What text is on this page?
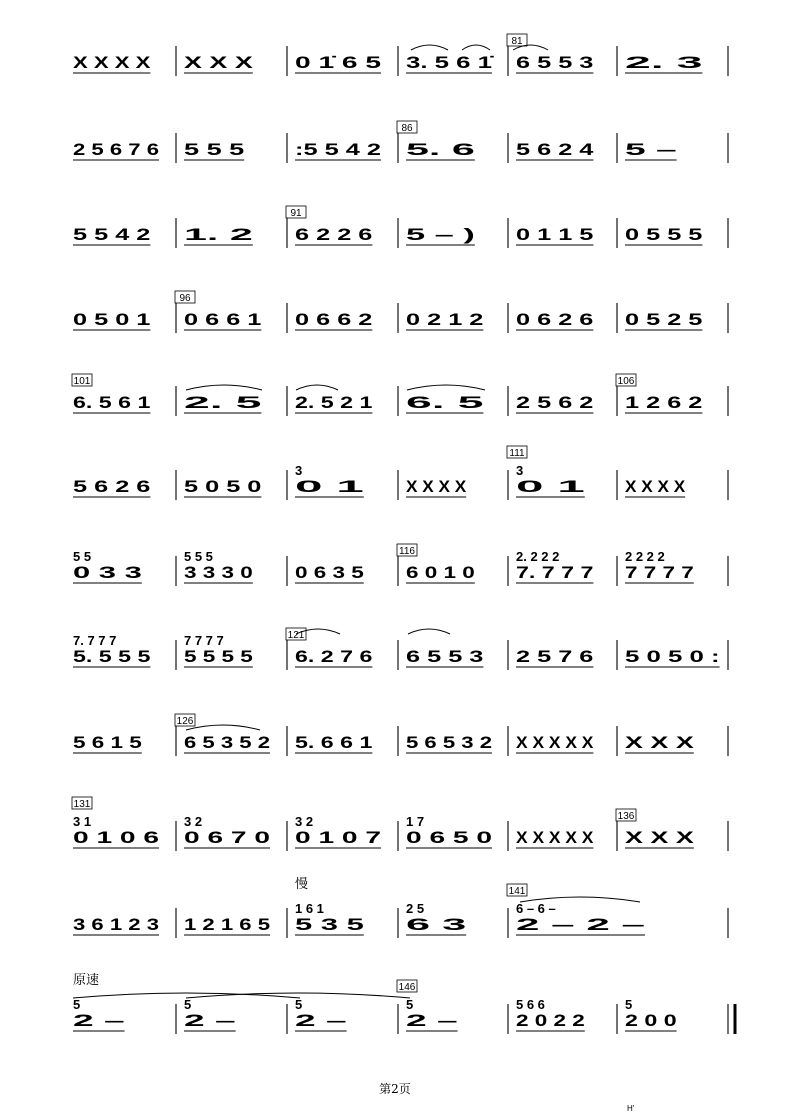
X X X X X X X 0 1̇ 6 5 3. 5 6 1̇ 6 5 5 3
81
2. 3
2 5 6 7 6 5 5 5	:5 5 4 2 5. 6
86
5 6 2 4 5 –
5 5 4 2 1. 2 6 2 2 6
91
5 – ) 0 1 1 5 0 5 5 5
0 5 0 1 0 6 6 1
96
0 6 6 2 0 2 1 2 0 6 2 6 0 5 2 5
6. 5 6 1
101
2. 5 2. 5 2 1 6. 5 2 5 6 2 1 2 6 2
106
5 6 2 6 5 0 5 0 0 1
3
X X X X	0 1
3
111
X X X X
0 3 3
5 5
3 3 3 0
5 5 5
0 6 3 5 6 0 1 0
116
7. 7 7 7
2. 2 2 2
7 7 7 7
2 2 2 2
5. 5 5 5
7. 7 7 7
5 5 5 5
7 7 7 7
6. 2 7 6
121
6 5 5 3 2 5 7 6 5 0 5 0 :
5 6 1 5 6 5 3 5 2
126
5. 6 6 1 5 6 5 3 2 X X X X X X X X
0 1 0 6
3 1
131
0 6 7 0
3 2
0 1 0 7
3 2
0 6 5 0
1 7
X X X X X X X X
136
3 6 1 2 3 1 2 1 6 5 5 3 5
1 6 1
慢
6 3
2 5
2 – 2 –
6 – 6 –
141
2 –
5
原速
2 –
5
2 –
5
2 –
5
146
2 0 2 2
5 6 6
2 0 0
5
第2页
H'
